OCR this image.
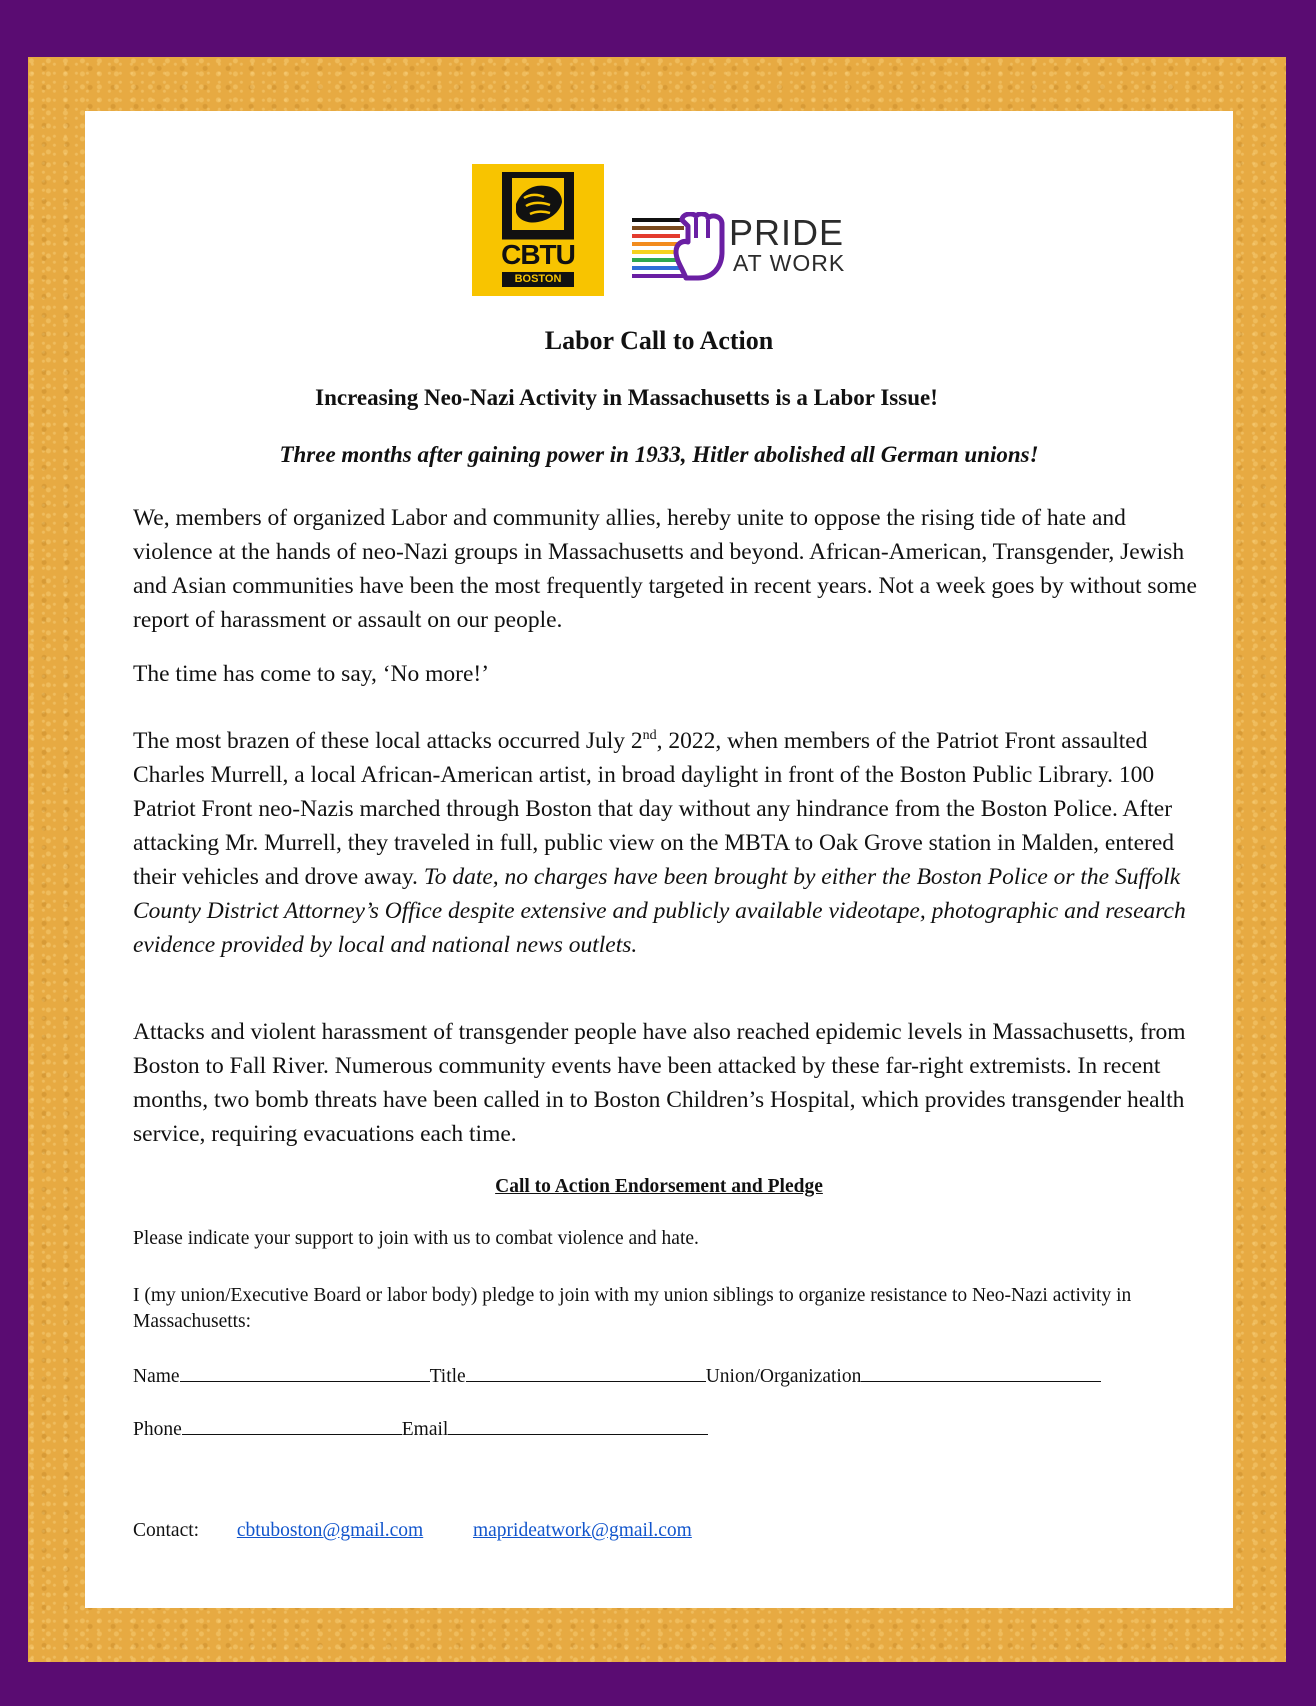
CBTU
BOSTON
PRIDE
AT WORK
Labor Call to Action
Increasing Neo-Nazi Activity in Massachusetts is a Labor Issue!
Three months after gaining power in 1933, Hitler abolished all German unions!

We, members of organized Labor and community allies, hereby unite to oppose the rising tide of hate and violence at the hands of neo-Nazi groups in Massachusetts and beyond. African-American, Transgender, Jewish and Asian communities have been the most frequently targeted in recent years. Not a week goes by without some report of harassment or assault on our people.

The time has come to say, ‘No more!’

The most brazen of these local attacks occurred July 2nd, 2022, when members of the Patriot Front assaulted Charles Murrell, a local African-American artist, in broad daylight in front of the Boston Public Library. 100 Patriot Front neo-Nazis marched through Boston that day without any hindrance from the Boston Police. After attacking Mr. Murrell, they traveled in full, public view on the MBTA to Oak Grove station in Malden, entered their vehicles and drove away. To date, no charges have been brought by either the Boston Police or the Suffolk County District Attorney’s Office despite extensive and publicly available videotape, photographic and research evidence provided by local and national news outlets.

Attacks and violent harassment of transgender people have also reached epidemic levels in Massachusetts, from Boston to Fall River. Numerous community events have been attacked by these far-right extremists. In recent months, two bomb threats have been called in to Boston Children’s Hospital, which provides transgender health service, requiring evacuations each time.

Call to Action Endorsement and Pledge

Please indicate your support to join with us to combat violence and hate.

I (my union/Executive Board or labor body) pledge to join with my union siblings to organize resistance to Neo-Nazi activity in Massachusetts:

Name	Title	Union/Organization
Phone	Email
Contact: cbtuboston@gmail.com	maprideatwork@gmail.com
